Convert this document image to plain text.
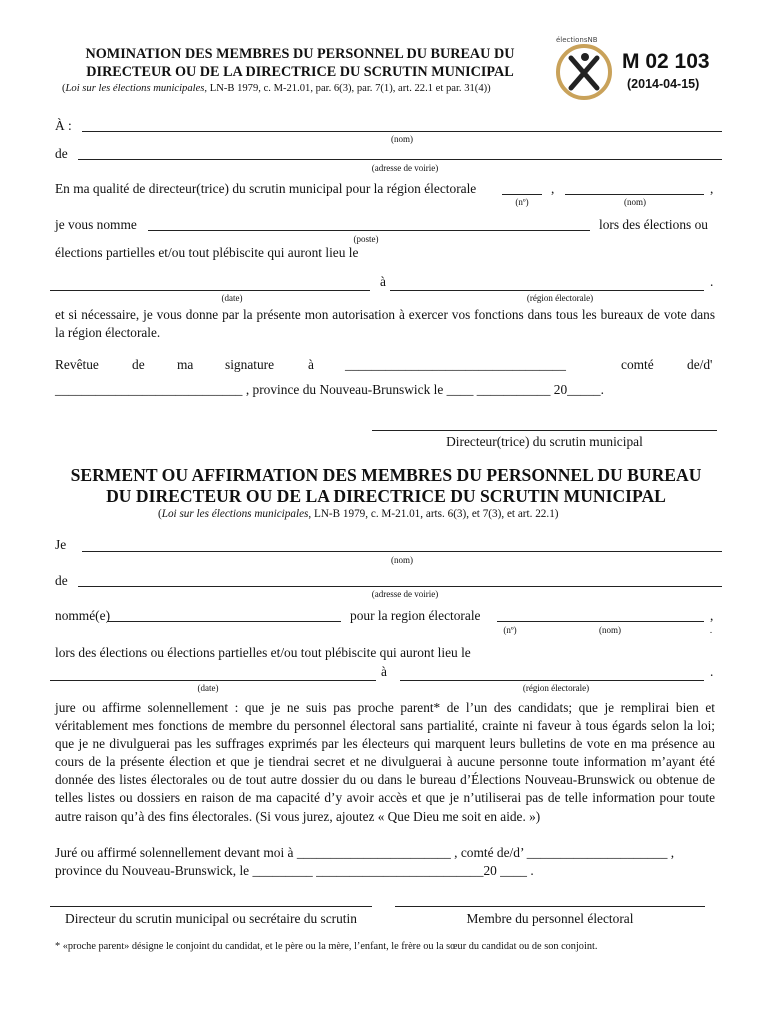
NOMINATION DES MEMBRES DU PERSONNEL DU BUREAU DU
DIRECTEUR OU DE LA DIRECTRICE DU SCRUTIN MUNICIPAL
(Loi sur les élections municipales, LN-B 1979, c. M-21.01, par. 6(3), par. 7(1), art. 22.1 et par. 31(4))
électionsNB
M 02 103
(2014-04-15)
À :
(nom)
de
(adresse de voirie)
En ma qualité de directeur(trice) du scrutin municipal pour la région électorale	,	,
(nº)	(nom)
je vous nomme	lors des élections ou
(poste)
élections partielles et/ou tout plébiscite qui auront lieu le
à	.
(date)	(région électorale)
et si nécessaire, je vous donne par la présente mon autorisation à exercer vos fonctions dans tous les bureaux de vote dans la région électorale.
Revêtue de ma signature	à _________________________________	comté de/d'
____________________________ , province du Nouveau-Brunswick le ____ ___________ 20_____.
Directeur(trice) du scrutin municipal
SERMENT OU AFFIRMATION DES MEMBRES DU PERSONNEL DU BUREAU
DU DIRECTEUR OU DE LA DIRECTRICE DU SCRUTIN MUNICIPAL
(Loi sur les élections municipales, LN-B 1979, c. M-21.01, arts. 6(3), et 7(3), et art. 22.1)
Je
(nom)
de
(adresse de voirie)
nommé(e)	pour la region électorale	,
(nº)	(nom)	.
lors des élections ou élections partielles et/ou tout plébiscite qui auront lieu le
à	.
(date)	(région électorale)
jure ou affirme solennellement : que je ne suis pas proche parent* de l’un des candidats; que je remplirai bien et véritablement mes fonctions de membre du personnel électoral sans partialité, crainte ni faveur à tous égards selon la loi; que je ne divulguerai pas les suffrages exprimés par les électeurs qui marquent leurs bulletins de vote en ma présence au cours de la présente élection et que je tiendrai secret et ne divulguerai à aucune personne toute information m’ayant été donnée des listes électorales ou de tout autre dossier du ou dans le bureau d’Élections Nouveau-Brunswick ou obtenue de telles listes ou dossiers en raison de ma capacité d’y avoir accès et que je n’utiliserai pas de telle information pour toute autre raison qu’à des fins électorales. (Si vous jurez, ajoutez « Que Dieu me soit en aide. »)
Juré ou affirmé solennellement devant moi à _______________________ , comté de/d’ _____________________ ,
province du Nouveau-Brunswick, le _________ _________________________20 ____ .
Directeur du scrutin municipal ou secrétaire du scrutin	Membre du personnel électoral
* «proche parent» désigne le conjoint du candidat, et le père ou la mère, l’enfant, le frère ou la sœur du candidat ou de son conjoint.
